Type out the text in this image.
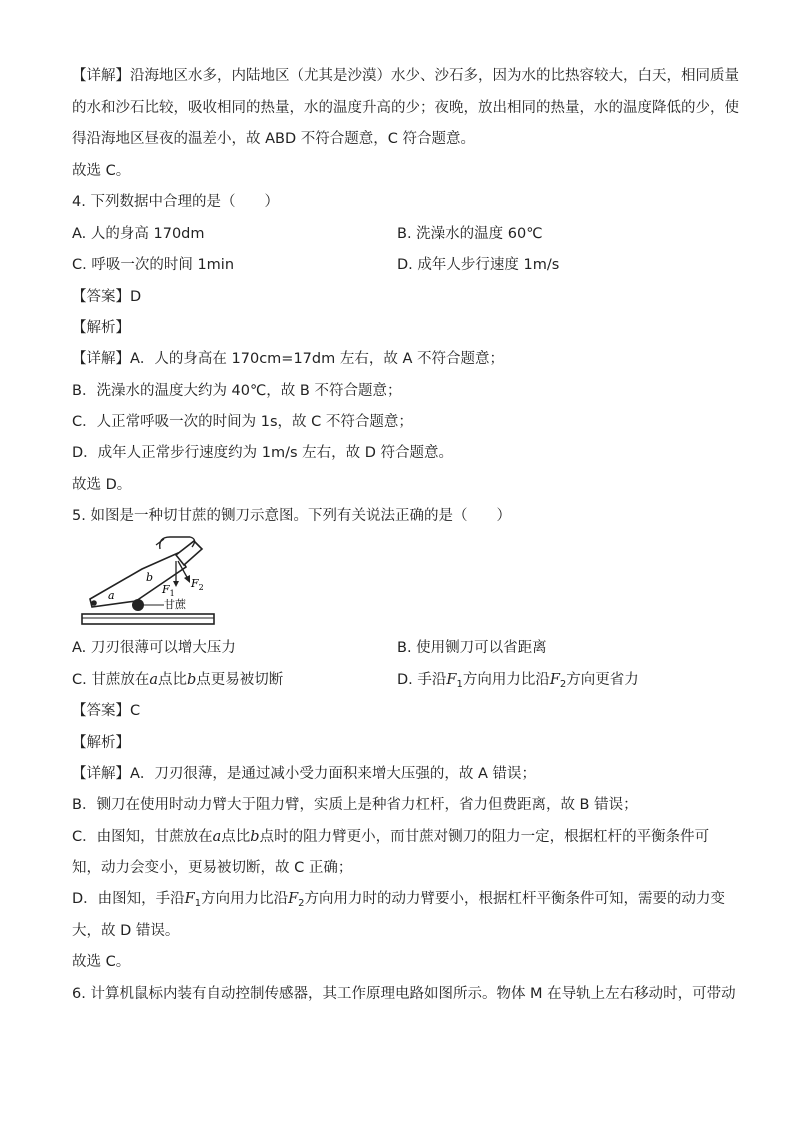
【详解】沿海地区水多，内陆地区（尤其是沙漠）水少、沙石多，因为水的比热容较大，白天，相同质量
的水和沙石比较，吸收相同的热量，水的温度升高的少；夜晚，放出相同的热量，水的温度降低的少，使
得沿海地区昼夜的温差小，故 ABD 不符合题意，C 符合题意。
故选 C。
4. 下列数据中合理的是（　　）
A. 人的身高 170dm	B. 洗澡水的温度 60℃
C. 呼吸一次的时间 1min	D. 成年人步行速度 1m/s
【答案】D
【解析】
【详解】A．人的身高在 170cm=17dm 左右，故 A 不符合题意；
B．洗澡水的温度大约为 40℃，故 B 不符合题意；
C．人正常呼吸一次的时间为 1s，故 C 不符合题意；
D．成年人正常步行速度约为 1m/s 左右，故 D 符合题意。
故选 D。
5. 如图是一种切甘蔗的铡刀示意图。下列有关说法正确的是（　　）
甘蔗
a
b
$F_1$
$F_2$
A. 刀刃很薄可以增大压力	B. 使用铡刀可以省距离
C. 甘蔗放在a点比b点更易被切断	D. 手沿$F_1$方向用力比沿$F_2$方向更省力
【答案】C
【解析】
【详解】A．刀刃很薄，是通过减小受力面积来增大压强的，故 A 错误；
B．铡刀在使用时动力臂大于阻力臂，实质上是种省力杠杆，省力但费距离，故 B 错误；
C．由图知，甘蔗放在a点比b点时的阻力臂更小，而甘蔗对铡刀的阻力一定，根据杠杆的平衡条件可
知，动力会变小，更易被切断，故 C 正确；
D．由图知，手沿$F_1$方向用力比沿$F_2$方向用力时的动力臂要小，根据杠杆平衡条件可知，需要的动力变
大，故 D 错误。
故选 C。
6. 计算机鼠标内装有自动控制传感器，其工作原理电路如图所示。物体 M 在导轨上左右移动时，可带动
